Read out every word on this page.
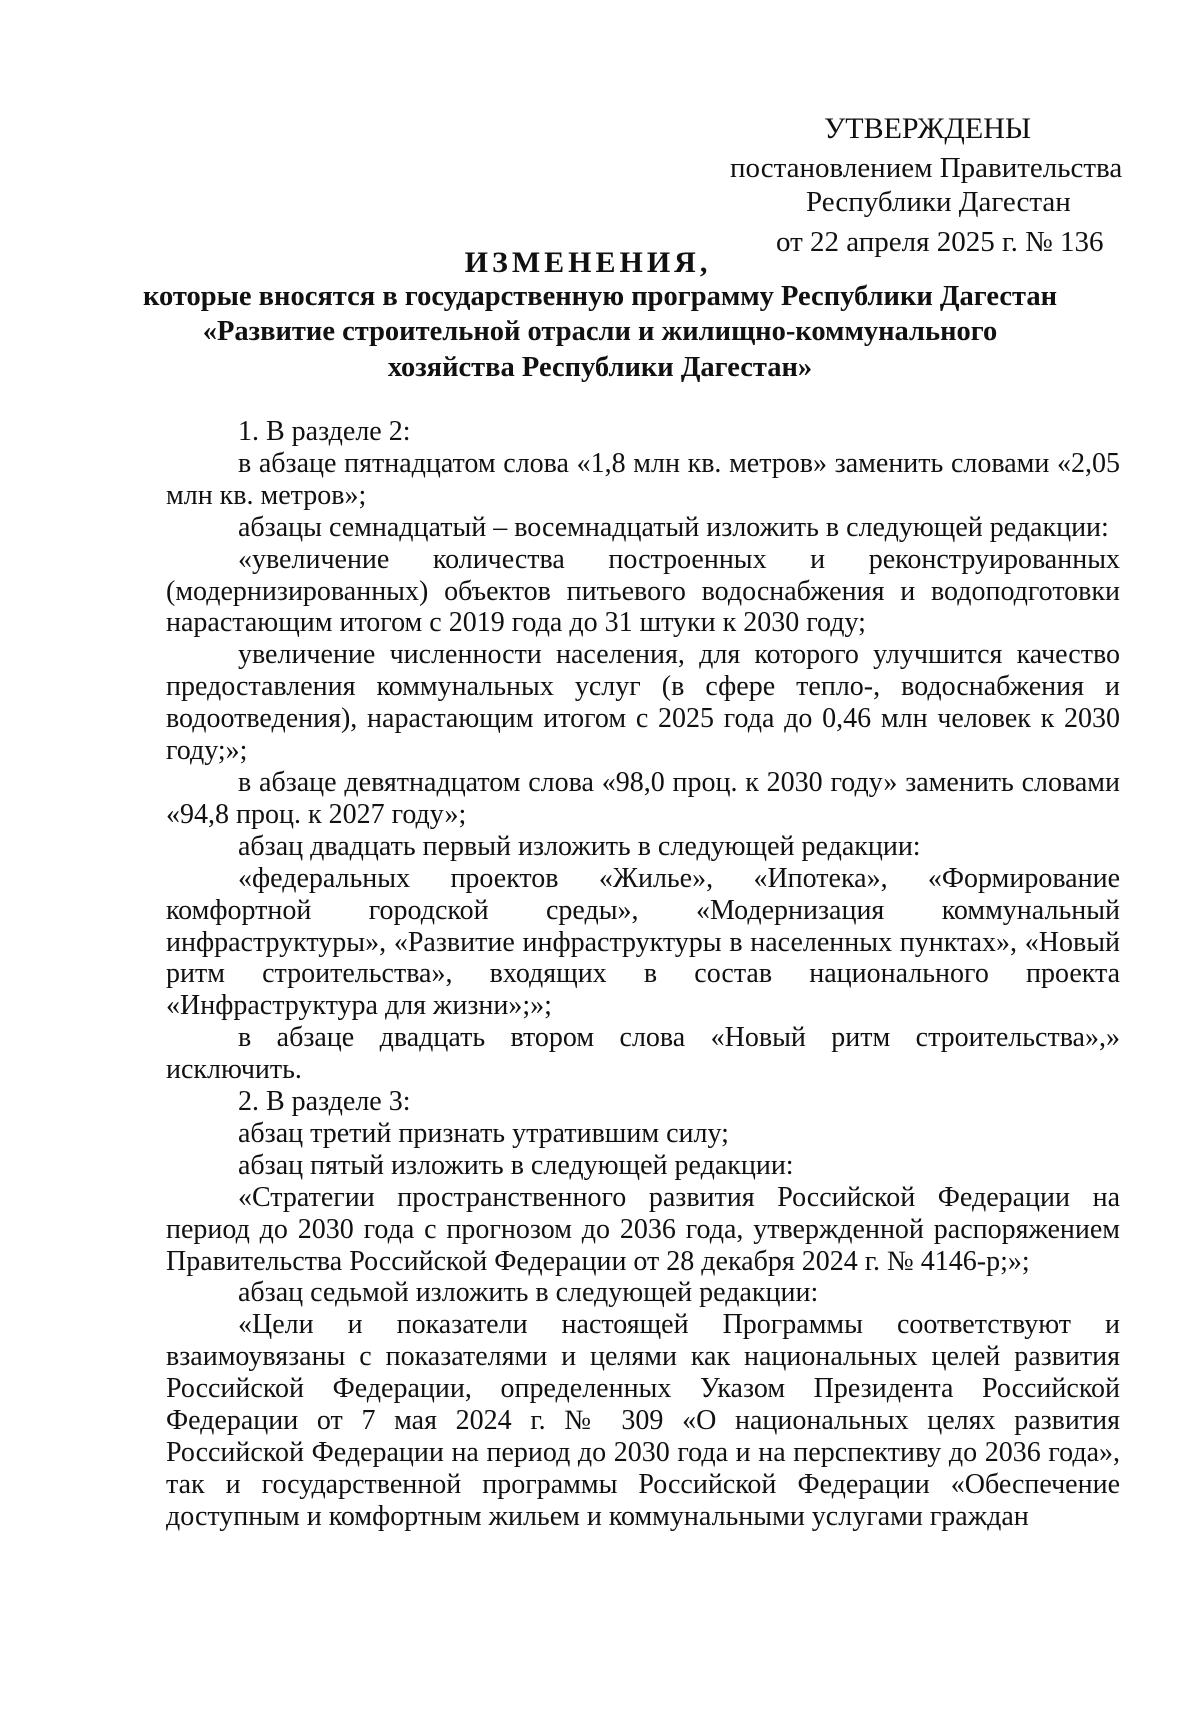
УТВЕРЖДЕНЫ
постановлением Правительства
Республики Дагестан
от 22 апреля 2025 г. № 136
ИЗМЕНЕНИЯ,
которые вносятся в государственную программу Республики Дагестан
«Развитие строительной отрасли и жилищно-коммунального
хозяйства Республики Дагестан»

1. В разделе 2:

в абзаце пятнадцатом слова «1,8 млн кв. метров» заменить словами «2,05 млн кв. метров»;

абзацы семнадцатый – восемнадцатый изложить в следующей редакции:

«увеличение количества построенных и реконструированных (модернизированных) объектов питьевого водоснабжения и водоподготовки нарастающим итогом с 2019 года до 31 штуки к 2030 году;

увеличение численности населения, для которого улучшится качество предоставления коммунальных услуг (в сфере тепло-, водоснабжения и водоотведения), нарастающим итогом с 2025 года до 0,46 млн человек к 2030 году;»;

в абзаце девятнадцатом слова «98,0 проц. к 2030 году» заменить словами «94,8 проц. к 2027 году»;

абзац двадцать первый изложить в следующей редакции:

«федеральных проектов «Жилье», «Ипотека», «Формирование комфортной городской среды», «Модернизация коммунальный инфраструктуры», «Развитие инфраструктуры в населенных пунктах», «Новый ритм строительства», входящих в состав национального проекта «Инфраструктура для жизни»;»;

в абзаце двадцать втором слова «Новый ритм строительства»,» исключить.

2. В разделе 3:

абзац третий признать утратившим силу;

абзац пятый изложить в следующей редакции:

«Стратегии пространственного развития Российской Федерации на период до 2030 года с прогнозом до 2036 года, утвержденной распоряжением Правительства Российской Федерации от 28 декабря 2024 г. № 4146-р;»;

абзац седьмой изложить в следующей редакции:

«Цели и показатели настоящей Программы соответствуют и взаимоувязаны с показателями и целями как национальных целей развития Российской Федерации, определенных Указом Президента Российской Федерации от 7 мая 2024 г. № 309 «О национальных целях развития Российской Федерации на период до 2030 года и на перспективу до 2036 года», так и государственной программы Российской Федерации «Обеспечение доступным и комфортным жильем и коммунальными услугами граждан
